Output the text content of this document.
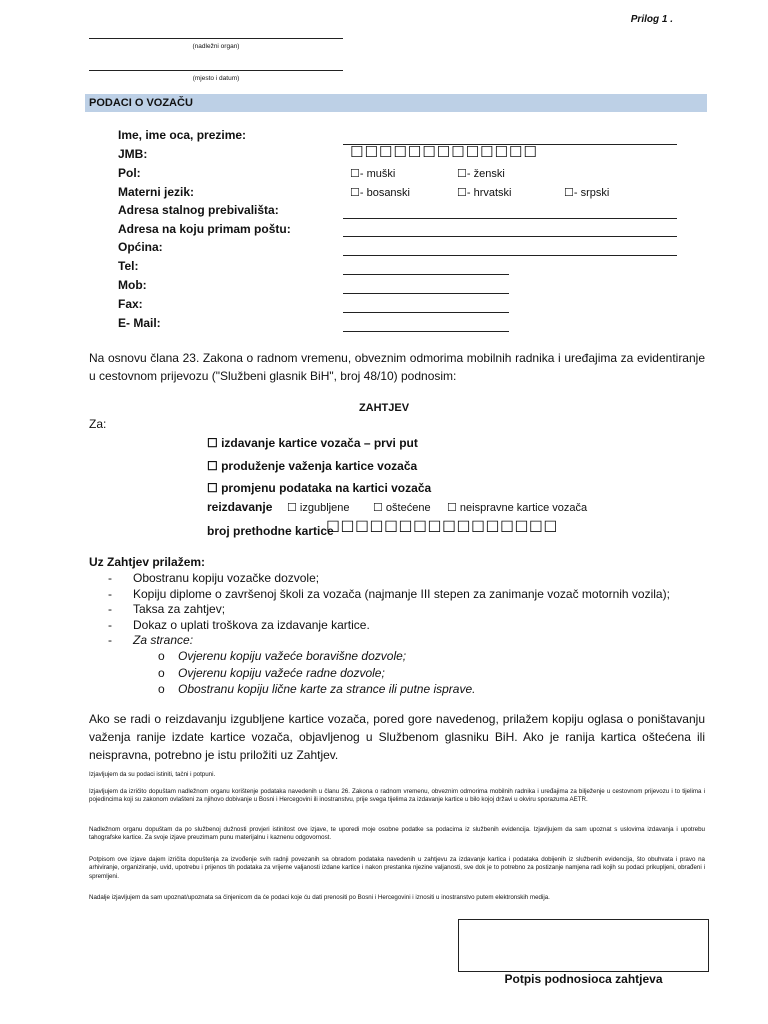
Prilog 1 .
(nadležni organ)
(mjesto i datum)
PODACI O VOZAČU
Ime, ime oca, prezime:
JMB:	☐☐☐☐☐☐☐☐☐☐☐☐☐
Pol:	☐- muški	☐- ženski
Materni jezik:	☐- bosanski	☐- hrvatski	☐- srpski
Adresa stalnog prebivališta:
Adresa na koju primam poštu:
Općina:
Tel:
Mob:
Fax:
E- Mail:
Na osnovu člana 23. Zakona o radnom vremenu, obveznim odmorima mobilnih radnika i uređajima za evidentiranje u cestovnom prijevozu ("Službeni glasnik BiH", broj 48/10) podnosim:
ZAHTJEV
Za:
☐ izdavanje kartice vozača – prvi put
☐ produženje važenja kartice vozača
☐ promjenu podataka na kartici vozača
reizdavanje ☐ izgubljene ☐ oštećene ☐ neispravne kartice vozača
broj prethodne kartice
☐☐☐☐☐☐☐☐☐☐☐☐☐☐☐☐
Uz Zahtjev prilažem:
- Obostranu kopiju vozačke dozvole;
- Kopiju diplome o završenoj školi za vozača (najmanje III stepen za zanimanje vozač motornih vozila);
- Taksa za zahtjev;
- Dokaz o uplati troškova za izdavanje kartice.
- Za strance:
o Ovjerenu kopiju važeće boravišne dozvole;
o Ovjerenu kopiju važeće radne dozvole;
o Obostranu kopiju lične karte za strance ili putne isprave.
Ako se radi o reizdavanju izgubljene kartice vozača, pored gore navedenog, prilažem kopiju oglasa o poništavanju važenja ranije izdate kartice vozača, objavljenog u Službenom glasniku BiH. Ako je ranija kartica oštećena ili neispravna, potrebno je istu priložiti uz Zahtjev.
Izjavljujem da su podaci istiniti, tačni i potpuni.
Izjavljujem da izričito dopuštam nadležnom organu korištenje podataka navedenih u članu 26. Zakona o radnom vremenu, obveznim odmorima mobilnih radnika i uređajima za bilježenje u cestovnom prijevozu i to tijelima i pojedincima koji su zakonom ovlašteni za njihovo dobivanje u Bosni i Hercegovini ili inostranstvu, prije svega tijelima za izdavanje kartice u bilo kojoj državi u okviru sporazuma AETR.
Nadležnom organu dopuštam da po službenoj dužnosti provjeri istinitost ove izjave, te uporedi moje osobne podatke sa podacima iz službenih evidencija. Izjavljujem da sam upoznat s uslovima izdavanja i upotrebu tahografske kartice. Za svoje izjave preuzimam punu materijalnu i kaznenu odgovornost.
Potpisom ove izjave dajem izričita dopuštenja za izvođenje svih radnji povezanih sa obradom podataka navedenih u zahtjevu za izdavanje kartica i podataka dobijenih iz službenih evidencija, što obuhvata i pravo na arhiviranje, organiziranje, uvid, upotrebu i prijenos tih podataka za vrijeme valjanosti izdane kartice i nakon prestanka njezine valjanosti, sve dok je to potrebno za postizanje namjena radi kojih su podaci prikupljeni, obrađeni i spremljeni.
Nadalje izjavljujem da sam upoznat/upoznata sa činjenicom da će podaci koje ću dati prenositi po Bosni i Hercegovini i iznositi u inostranstvo putem elektronskih medija.
Potpis podnosioca zahtjeva
